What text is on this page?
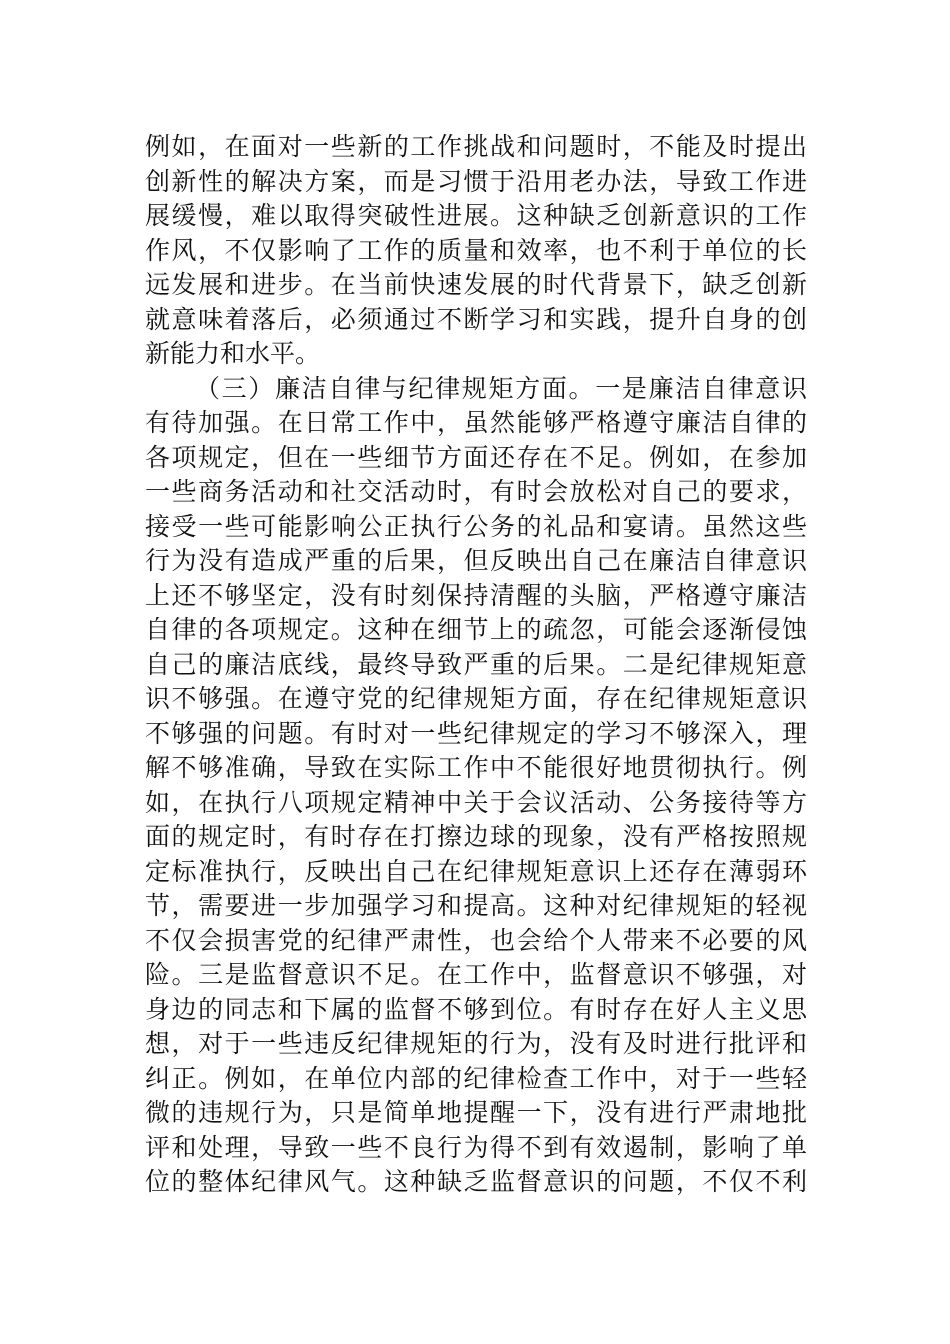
例如，在面对一些新的工作挑战和问题时，不能及时提出
创新性的解决方案，而是习惯于沿用老办法，导致工作进
展缓慢，难以取得突破性进展。这种缺乏创新意识的工作
作风，不仅影响了工作的质量和效率，也不利于单位的长
远发展和进步。在当前快速发展的时代背景下，缺乏创新
就意味着落后，必须通过不断学习和实践，提升自身的创
新能力和水平。
（三）廉洁自律与纪律规矩方面。一是廉洁自律意识
有待加强。在日常工作中，虽然能够严格遵守廉洁自律的
各项规定，但在一些细节方面还存在不足。例如，在参加
一些商务活动和社交活动时，有时会放松对自己的要求，
接受一些可能影响公正执行公务的礼品和宴请。虽然这些
行为没有造成严重的后果，但反映出自己在廉洁自律意识
上还不够坚定，没有时刻保持清醒的头脑，严格遵守廉洁
自律的各项规定。这种在细节上的疏忽，可能会逐渐侵蚀
自己的廉洁底线，最终导致严重的后果。二是纪律规矩意
识不够强。在遵守党的纪律规矩方面，存在纪律规矩意识
不够强的问题。有时对一些纪律规定的学习不够深入，理
解不够准确，导致在实际工作中不能很好地贯彻执行。例
如，在执行八项规定精神中关于会议活动、公务接待等方
面的规定时，有时存在打擦边球的现象，没有严格按照规
定标准执行，反映出自己在纪律规矩意识上还存在薄弱环
节，需要进一步加强学习和提高。这种对纪律规矩的轻视
不仅会损害党的纪律严肃性，也会给个人带来不必要的风
险。三是监督意识不足。在工作中，监督意识不够强，对
身边的同志和下属的监督不够到位。有时存在好人主义思
想，对于一些违反纪律规矩的行为，没有及时进行批评和
纠正。例如，在单位内部的纪律检查工作中，对于一些轻
微的违规行为，只是简单地提醒一下，没有进行严肃地批
评和处理，导致一些不良行为得不到有效遏制，影响了单
位的整体纪律风气。这种缺乏监督意识的问题，不仅不利
